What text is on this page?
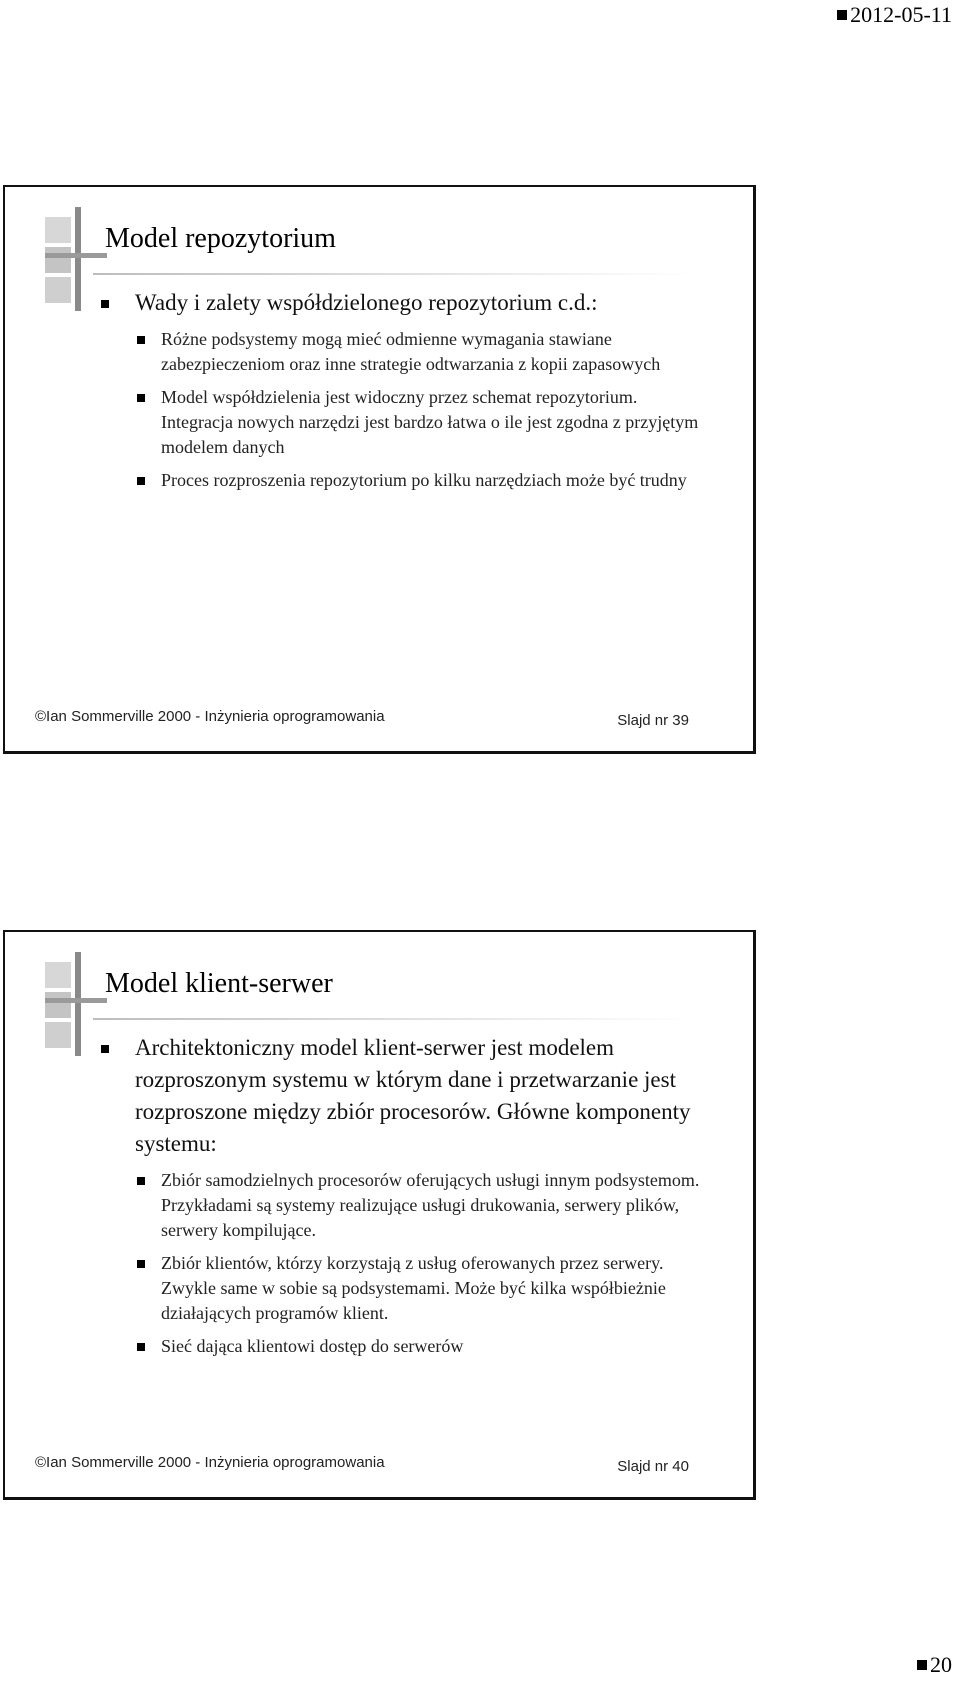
2012-05-11
Model repozytorium
Wady i zalety współdzielonego repozytorium c.d.:
Różne podsystemy mogą mieć odmienne wymagania stawiane zabezpieczeniom oraz inne strategie odtwarzania z kopii zapasowych
Model współdzielenia jest widoczny przez schemat repozytorium. Integracja nowych narzędzi jest bardzo łatwa o ile jest zgodna z przyjętym modelem danych
Proces rozproszenia repozytorium po kilku narzędziach może być trudny
©Ian Sommerville 2000 - Inżynieria oprogramowania	Slajd nr 39
Model klient-serwer
Architektoniczny model klient-serwer jest modelem rozproszonym systemu w którym dane i przetwarzanie jest rozproszone między zbiór procesorów. Główne komponenty systemu:
Zbiór samodzielnych procesorów oferujących usługi innym podsystemom. Przykładami są systemy realizujące usługi drukowania, serwery plików, serwery kompilujące.
Zbiór klientów, którzy korzystają z usług oferowanych przez serwery. Zwykle same w sobie są podsystemami. Może być kilka współbieżnie działających programów klient.
Sieć dająca klientowi dostęp do serwerów
©Ian Sommerville 2000 - Inżynieria oprogramowania	Slajd nr 40
20
